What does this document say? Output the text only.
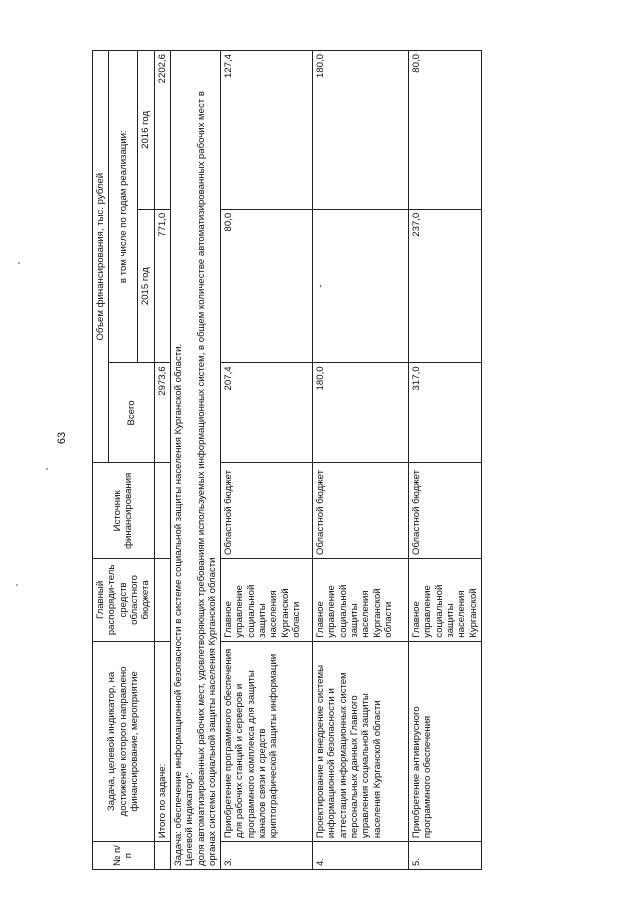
63
№ п/п	Задача, целевой индикатор, на достижение которого направлено финансирование, мероприятие	Главный распоряди-тель средств областного бюджета	Источник финансирования	Объем финансирования, тыс. рублей		
				Всего	в том числе по годам реализации:	
					2015 год	2016 год
	Итого по задаче:			2973,6	771,0	2202,6

Задача: обеспечение информационной безопасности в системе социальной защиты населения Курганской области. Целевой индикатор*: доля автоматизированных рабочих мест, удовлетворяющих требованиям используемых информационных систем, в общем количестве автоматизированных рабочих мест в органах системы социальной защиты населения Курганской области						

3.	Приобретение программного обеспечения для рабочих станций и серверов и программного комплекса для защиты каналов связи и средств криптографической защиты информации	Главное управление социальной защиты населения Курганской области	Областной бюджет	207,4	80,0	127,4
4.	Проектирование и внедрение системы информационной безопасности и аттестации информационных систем персональных данных Главного управления социальной защиты населения Курганской области	Главное управление социальной защиты населения Курганской области	Областной бюджет	180,0	-	180,0
5.	Приобретение антивирусного программного обеспечения	Главное управление социальной защиты населения Курганской	Областной бюджет	317,0	237,0	80,0
